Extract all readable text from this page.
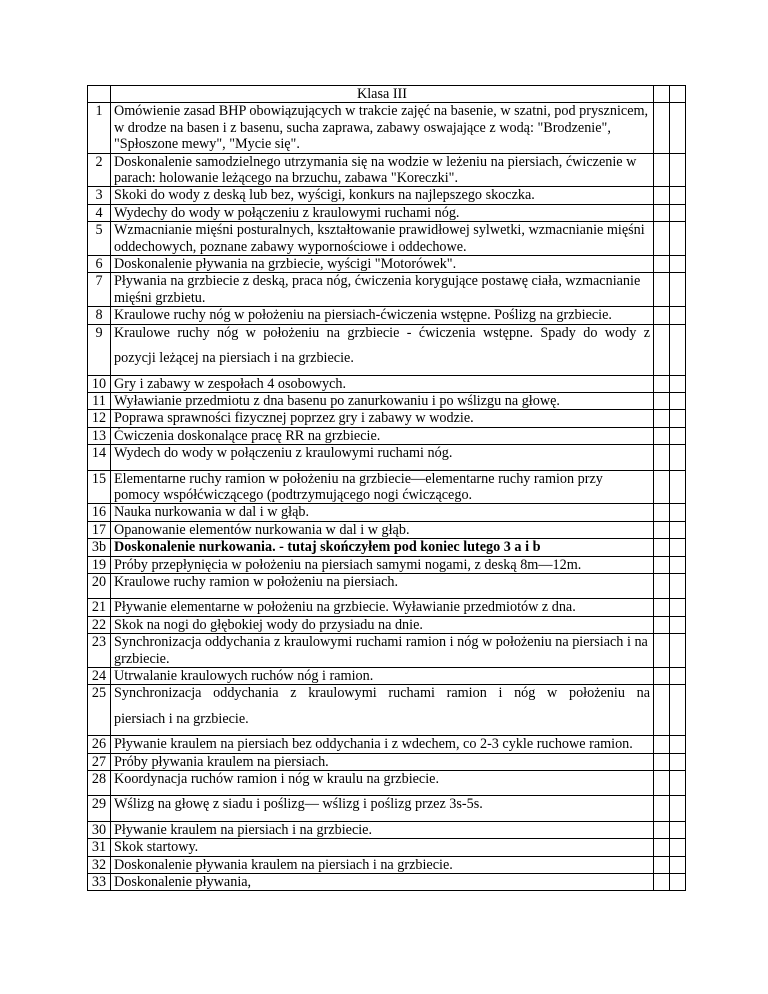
	Klasa III		
1	Omówienie zasad BHP obowiązujących w trakcie zajęć na basenie, w szatni, pod prysznicem, w drodze na basen i z basenu, sucha zaprawa, zabawy oswajające z wodą: "Brodzenie", "Spłoszone mewy", "Mycie się".		
2	Doskonalenie samodzielnego utrzymania się na wodzie w leżeniu na piersiach, ćwiczenie w parach: holowanie leżącego na brzuchu, zabawa "Koreczki".		
3	Skoki do wody z deską lub bez, wyścigi, konkurs na najlepszego skoczka.		
4	Wydechy do wody w połączeniu z kraulowymi ruchami nóg.		
5	Wzmacnianie mięśni posturalnych, kształtowanie prawidłowej sylwetki, wzmacnianie mięśni oddechowych, poznane zabawy wypornościowe i oddechowe.		
6	Doskonalenie pływania na grzbiecie, wyścigi "Motorówek".		
7	Pływania na grzbiecie z deską, praca nóg, ćwiczenia korygujące postawę ciała, wzmacnianie mięśni grzbietu.		
8	Kraulowe ruchy nóg w położeniu na piersiach-ćwiczenia wstępne. Poślizg na grzbiecie.		
9	Kraulowe ruchy nóg w położeniu na grzbiecie - ćwiczenia wstępne. Spady do wody z
pozycji leżącej na piersiach i na grzbiecie.		

10	Gry i zabawy w zespołach 4 osobowych.		
11	Wyławianie przedmiotu z dna basenu po zanurkowaniu i po wślizgu na głowę.		
12	Poprawa sprawności fizycznej poprzez gry i zabawy w wodzie.		
13	Ćwiczenia doskonalące pracę RR na grzbiecie.		
14	Wydech do wody w połączeniu z kraulowymi ruchami nóg.		
15	Elementarne ruchy ramion w położeniu na grzbiecie—elementarne ruchy ramion przy pomocy współćwiczącego (podtrzymującego nogi ćwiczącego.		
16	Nauka nurkowania w dal i w głąb.		
17	Opanowanie elementów nurkowania w dal i w głąb.		
3b	Doskonalenie nurkowania. - tutaj skończyłem pod koniec lutego 3 a i b		
19	Próby przepłynięcia w położeniu na piersiach samymi nogami, z deską 8m—12m.		
20	Kraulowe ruchy ramion w położeniu na piersiach.		
21	Pływanie elementarne w położeniu na grzbiecie. Wyławianie przedmiotów z dna.		
22	Skok na nogi do głębokiej wody do przysiadu na dnie.		
23	Synchronizacja oddychania z kraulowymi ruchami ramion i nóg w położeniu na piersiach i na grzbiecie.		
24	Utrwalanie kraulowych ruchów nóg i ramion.		
25	Synchronizacja oddychania z kraulowymi ruchami ramion i nóg w położeniu na
piersiach i na grzbiecie.		

26	Pływanie kraulem na piersiach bez oddychania i z wdechem, co 2-3 cykle ruchowe ramion.		
27	Próby pływania kraulem na piersiach.		
28	Koordynacja ruchów ramion i nóg w kraulu na grzbiecie.		
29	Wślizg na głowę z siadu i poślizg— wślizg i poślizg przez 3s-5s.		
30	Pływanie kraulem na piersiach i na grzbiecie.		
31	Skok startowy.		
32	Doskonalenie pływania kraulem na piersiach i na grzbiecie.		
33	Doskonalenie pływania,		
